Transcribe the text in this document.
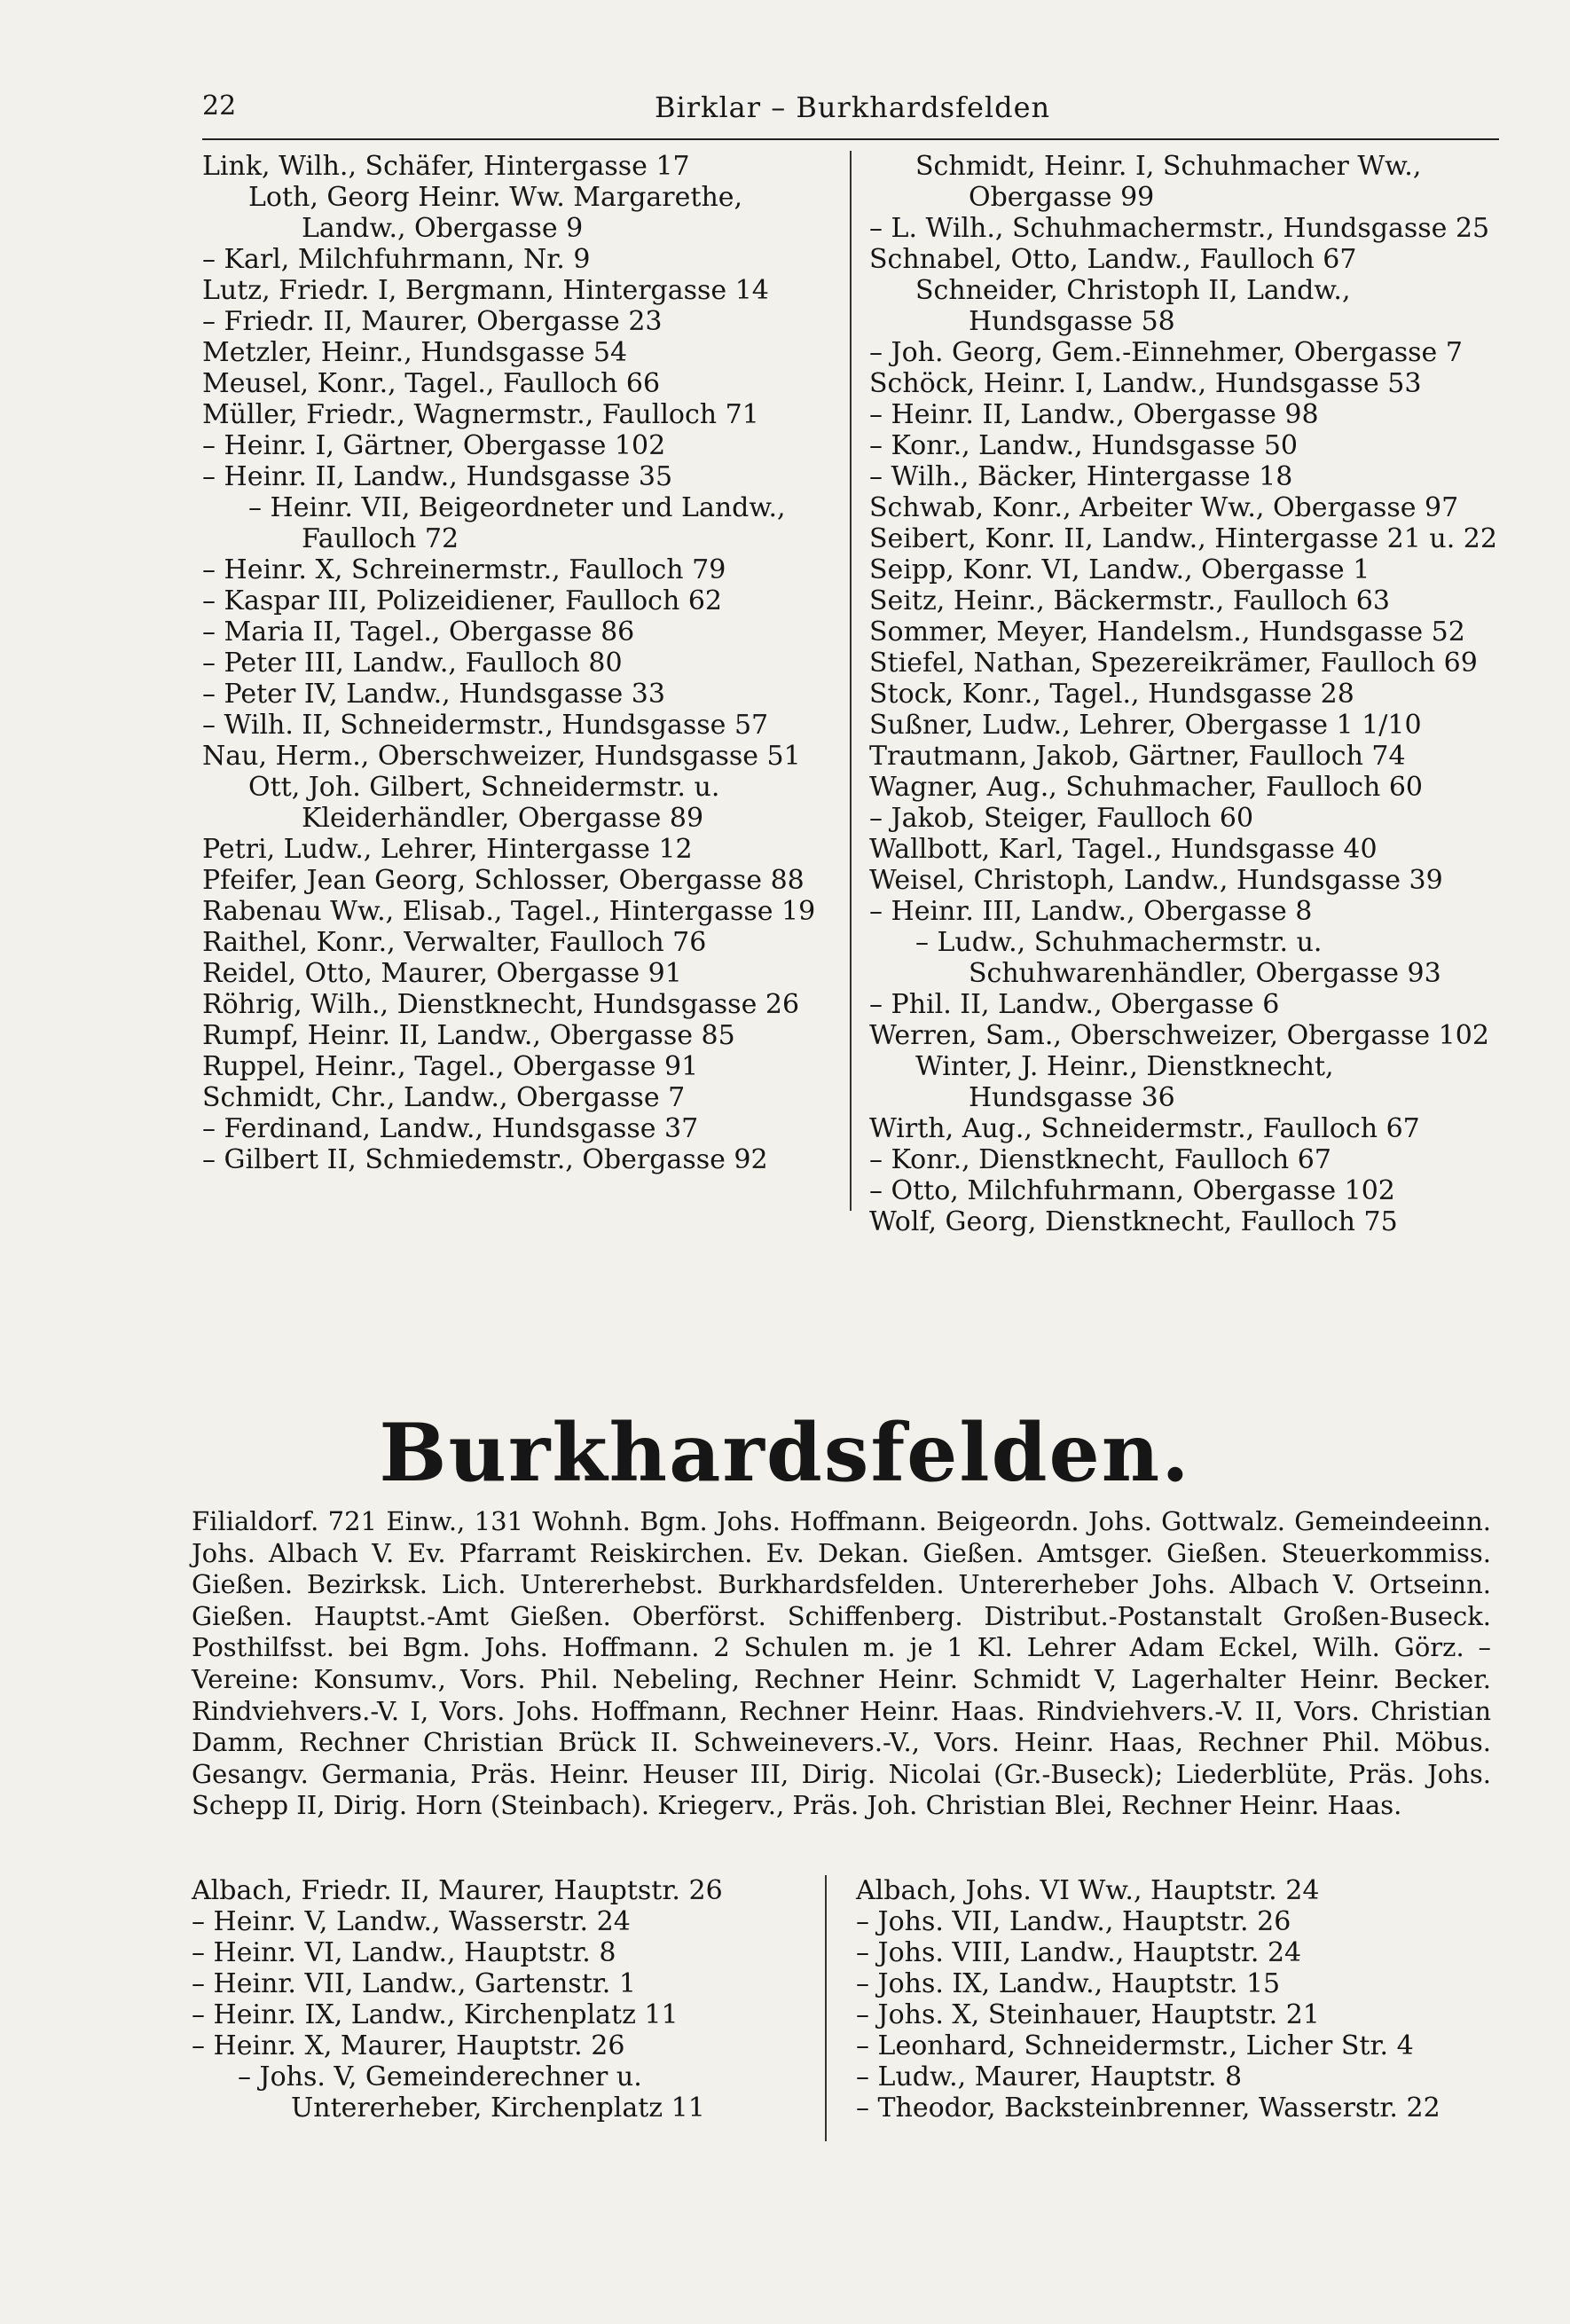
22	Birklar – Burkhardsfelden
Link, Wilh., Schäfer, Hintergasse 17
Loth, Georg Heinr. Ww. Margarethe, Landw., Obergasse 9
– Karl, Milchfuhrmann, Nr. 9
Lutz, Friedr. I, Bergmann, Hintergasse 14
– Friedr. II, Maurer, Obergasse 23
Metzler, Heinr., Hundsgasse 54
Meusel, Konr., Tagel., Faulloch 66
Müller, Friedr., Wagnermstr., Faulloch 71
– Heinr. I, Gärtner, Obergasse 102
– Heinr. II, Landw., Hundsgasse 35
– Heinr. VII, Beigeordneter und Landw., Faulloch 72
– Heinr. X, Schreinermstr., Faulloch 79
– Kaspar III, Polizeidiener, Faulloch 62
– Maria II, Tagel., Obergasse 86
– Peter III, Landw., Faulloch 80
– Peter IV, Landw., Hundsgasse 33
– Wilh. II, Schneidermstr., Hundsgasse 57
Nau, Herm., Oberschweizer, Hundsgasse 51
Ott, Joh. Gilbert, Schneidermstr. u. Kleiderhändler, Obergasse 89
Petri, Ludw., Lehrer, Hintergasse 12
Pfeifer, Jean Georg, Schlosser, Obergasse 88
Rabenau Ww., Elisab., Tagel., Hintergasse 19
Raithel, Konr., Verwalter, Faulloch 76
Reidel, Otto, Maurer, Obergasse 91
Röhrig, Wilh., Dienstknecht, Hundsgasse 26
Rumpf, Heinr. II, Landw., Obergasse 85
Ruppel, Heinr., Tagel., Obergasse 91
Schmidt, Chr., Landw., Obergasse 7
– Ferdinand, Landw., Hundsgasse 37
– Gilbert II, Schmiedemstr., Obergasse 92
Schmidt, Heinr. I, Schuhmacher Ww., Obergasse 99
– L. Wilh., Schuhmachermstr., Hundsgasse 25
Schnabel, Otto, Landw., Faulloch 67
Schneider, Christoph II, Landw., Hundsgasse 58
– Joh. Georg, Gem.-Einnehmer, Obergasse 7
Schöck, Heinr. I, Landw., Hundsgasse 53
– Heinr. II, Landw., Obergasse 98
– Konr., Landw., Hundsgasse 50
– Wilh., Bäcker, Hintergasse 18
Schwab, Konr., Arbeiter Ww., Obergasse 97
Seibert, Konr. II, Landw., Hintergasse 21 u. 22
Seipp, Konr. VI, Landw., Obergasse 1
Seitz, Heinr., Bäckermstr., Faulloch 63
Sommer, Meyer, Handelsm., Hundsgasse 52
Stiefel, Nathan, Spezereikrämer, Faulloch 69
Stock, Konr., Tagel., Hundsgasse 28
Sußner, Ludw., Lehrer, Obergasse 1 1/10
Trautmann, Jakob, Gärtner, Faulloch 74
Wagner, Aug., Schuhmacher, Faulloch 60
– Jakob, Steiger, Faulloch 60
Wallbott, Karl, Tagel., Hundsgasse 40
Weisel, Christoph, Landw., Hundsgasse 39
– Heinr. III, Landw., Obergasse 8
– Ludw., Schuhmachermstr. u. Schuhwarenhändler, Obergasse 93
– Phil. II, Landw., Obergasse 6
Werren, Sam., Oberschweizer, Obergasse 102
Winter, J. Heinr., Dienstknecht, Hundsgasse 36
Wirth, Aug., Schneidermstr., Faulloch 67
– Konr., Dienstknecht, Faulloch 67
– Otto, Milchfuhrmann, Obergasse 102
Wolf, Georg, Dienstknecht, Faulloch 75
Burkhardsfelden.

Filialdorf. 721 Einw., 131 Wohnh. Bgm. Johs. Hoffmann. Beigeordn. Johs. Gottwalz. Gemeindeeinn. Johs. Albach V. Ev. Pfarramt Reiskirchen. Ev. Dekan. Gießen. Amtsger. Gießen. Steuerkommiss. Gießen. Bezirksk. Lich. Untererhebst. Burkhardsfelden. Untererheber Johs. Albach V. Ortseinn. Gießen. Hauptst.-Amt Gießen. Oberförst. Schiffenberg. Distribut.-Postanstalt Großen-Buseck. Posthilfsst. bei Bgm. Johs. Hoffmann. 2 Schulen m. je 1 Kl. Lehrer Adam Eckel, Wilh. Görz. – Vereine: Konsumv., Vors. Phil. Nebeling, Rechner Heinr. Schmidt V, Lagerhalter Heinr. Becker. Rindviehvers.-V. I, Vors. Johs. Hoffmann, Rechner Heinr. Haas. Rindviehvers.-V. II, Vors. Christian Damm, Rechner Christian Brück II. Schweinevers.-V., Vors. Heinr. Haas, Rechner Phil. Möbus. Gesangv. Germania, Präs. Heinr. Heuser III, Dirig. Nicolai (Gr.-Buseck); Liederblüte, Präs. Johs. Schepp II, Dirig. Horn (Steinbach). Kriegerv., Präs. Joh. Christian Blei, Rechner Heinr. Haas.

Albach, Friedr. II, Maurer, Hauptstr. 26
– Heinr. V, Landw., Wasserstr. 24
– Heinr. VI, Landw., Hauptstr. 8
– Heinr. VII, Landw., Gartenstr. 1
– Heinr. IX, Landw., Kirchenplatz 11
– Heinr. X, Maurer, Hauptstr. 26
– Johs. V, Gemeinderechner u. Untererheber, Kirchenplatz 11
Albach, Johs. VI Ww., Hauptstr. 24
– Johs. VII, Landw., Hauptstr. 26
– Johs. VIII, Landw., Hauptstr. 24
– Johs. IX, Landw., Hauptstr. 15
– Johs. X, Steinhauer, Hauptstr. 21
– Leonhard, Schneidermstr., Licher Str. 4
– Ludw., Maurer, Hauptstr. 8
– Theodor, Backsteinbrenner, Wasserstr. 22
